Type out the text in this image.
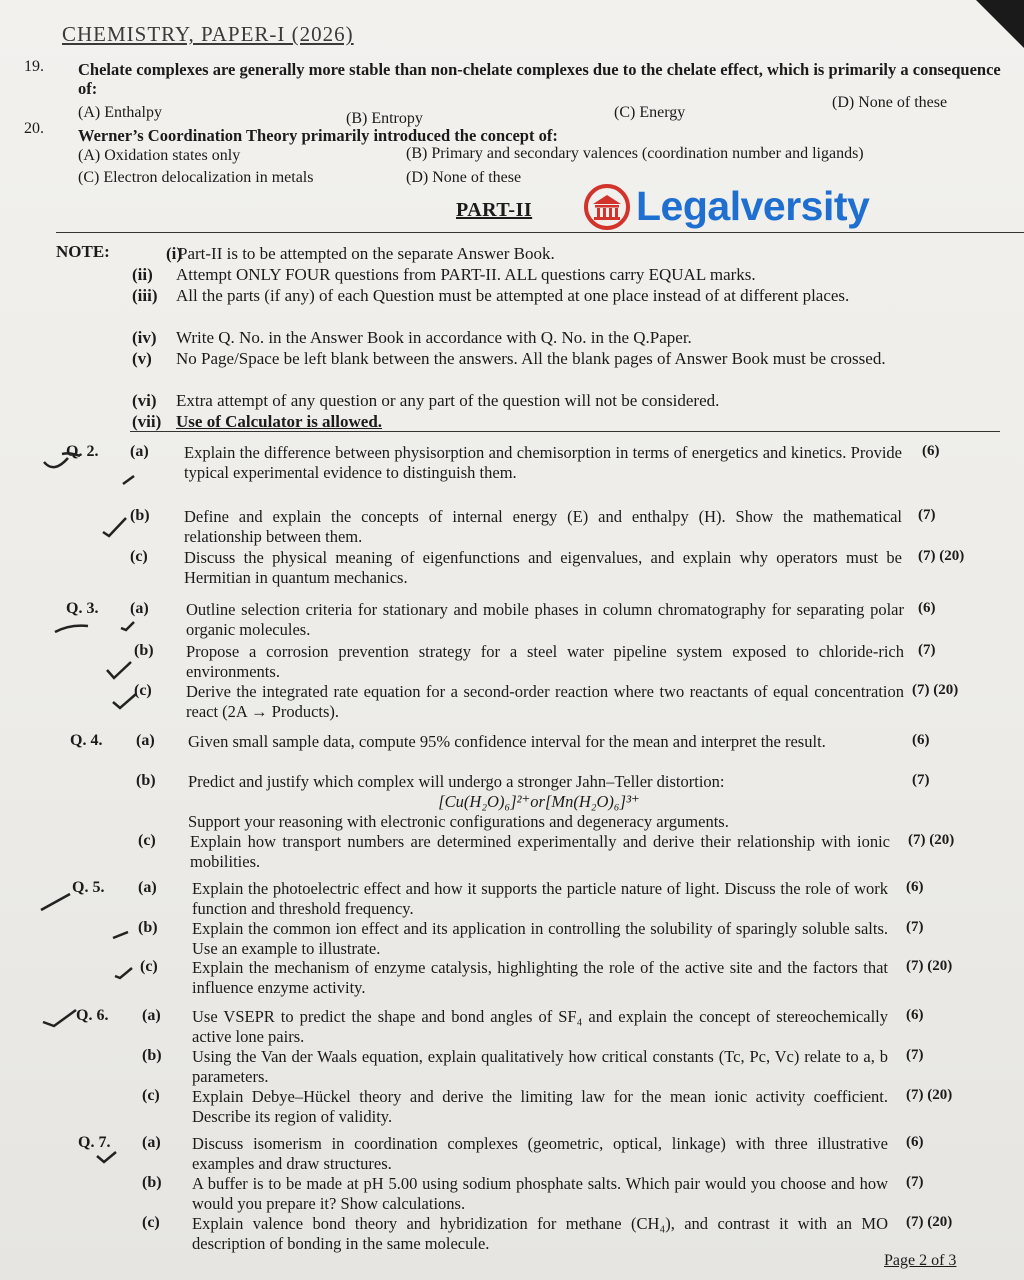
CHEMISTRY, PAPER-I (2026)
19. Chelate complexes are generally more stable than non-chelate complexes due to the chelate effect, which is primarily a consequence of:
(A) Enthalpy	(B) Entropy	(C) Energy
(D) None of these
20. Werner’s Coordination Theory primarily introduced the concept of:
(A) Oxidation states only	(B) Primary and secondary valences (coordination number and ligands)
(C) Electron delocalization in metals	(D) None of these
PART-II	Legalversity
NOTE:	(i)
Part-II is to be attempted on the separate Answer Book.
(ii) Attempt ONLY FOUR questions from PART-II. ALL questions carry EQUAL marks.
(iii) All the parts (if any) of each Question must be attempted at one place instead of at different places.
(iv) Write Q. No. in the Answer Book in accordance with Q. No. in the Q.Paper.
(v) No Page/Space be left blank between the answers. All the blank pages of Answer Book must be crossed.
(vi) Extra attempt of any question or any part of the question will not be considered.
(vii) Use of Calculator is allowed.
Q. 2. (a) Explain the difference between physisorption and chemisorption in terms of energetics and kinetics. Provide typical experimental evidence to distinguish them.
(6)
(b) Define and explain the concepts of internal energy (E) and enthalpy (H). Show the mathematical relationship between them.
(7)
(c) Discuss the physical meaning of eigenfunctions and eigenvalues, and explain why operators must be Hermitian in quantum mechanics.
(7) (20)
Q. 3. (a) Outline selection criteria for stationary and mobile phases in column chromatography for separating polar organic molecules.
(6)
(b) Propose a corrosion prevention strategy for a steel water pipeline system exposed to chloride-rich environments.
(7)
(c) Derive the integrated rate equation for a second-order reaction where two reactants of equal concentration react (2A → Products).
(7) (20)
Q. 4. (a) Given small sample data, compute 95% confidence interval for the mean and interpret the result.	(6)
(b) Predict and justify which complex will undergo a stronger Jahn–Teller distortion:
[Cu(H₂O)₆]²⁺or[Mn(H₂O)₆]³⁺
Support your reasoning with electronic configurations and degeneracy arguments.
(7)
(c) Explain how transport numbers are determined experimentally and derive their relationship with ionic mobilities.
(7) (20)
Q. 5. (a) Explain the photoelectric effect and how it supports the particle nature of light. Discuss the role of work function and threshold frequency.
(6)
(b) Explain the common ion effect and its application in controlling the solubility of sparingly soluble salts. Use an example to illustrate.
(7)
(c) Explain the mechanism of enzyme catalysis, highlighting the role of the active site and the factors that influence enzyme activity.
(7) (20)
Q. 6. (a) Use VSEPR to predict the shape and bond angles of SF₄ and explain the concept of stereochemically active lone pairs.
(6)
(b) Using the Van der Waals equation, explain qualitatively how critical constants (Tc, Pc, Vc) relate to a, b parameters.
(7)
(c) Explain Debye–Hückel theory and derive the limiting law for the mean ionic activity coefficient. Describe its region of validity.
(7) (20)
Q. 7. (a) Discuss isomerism in coordination complexes (geometric, optical, linkage) with three illustrative examples and draw structures.
(6)
(b) A buffer is to be made at pH 5.00 using sodium phosphate salts. Which pair would you choose and how would you prepare it? Show calculations.
(7)
(c) Explain valence bond theory and hybridization for methane (CH₄), and contrast it with an MO description of bonding in the same molecule.
(7) (20)
Page 2 of 3
